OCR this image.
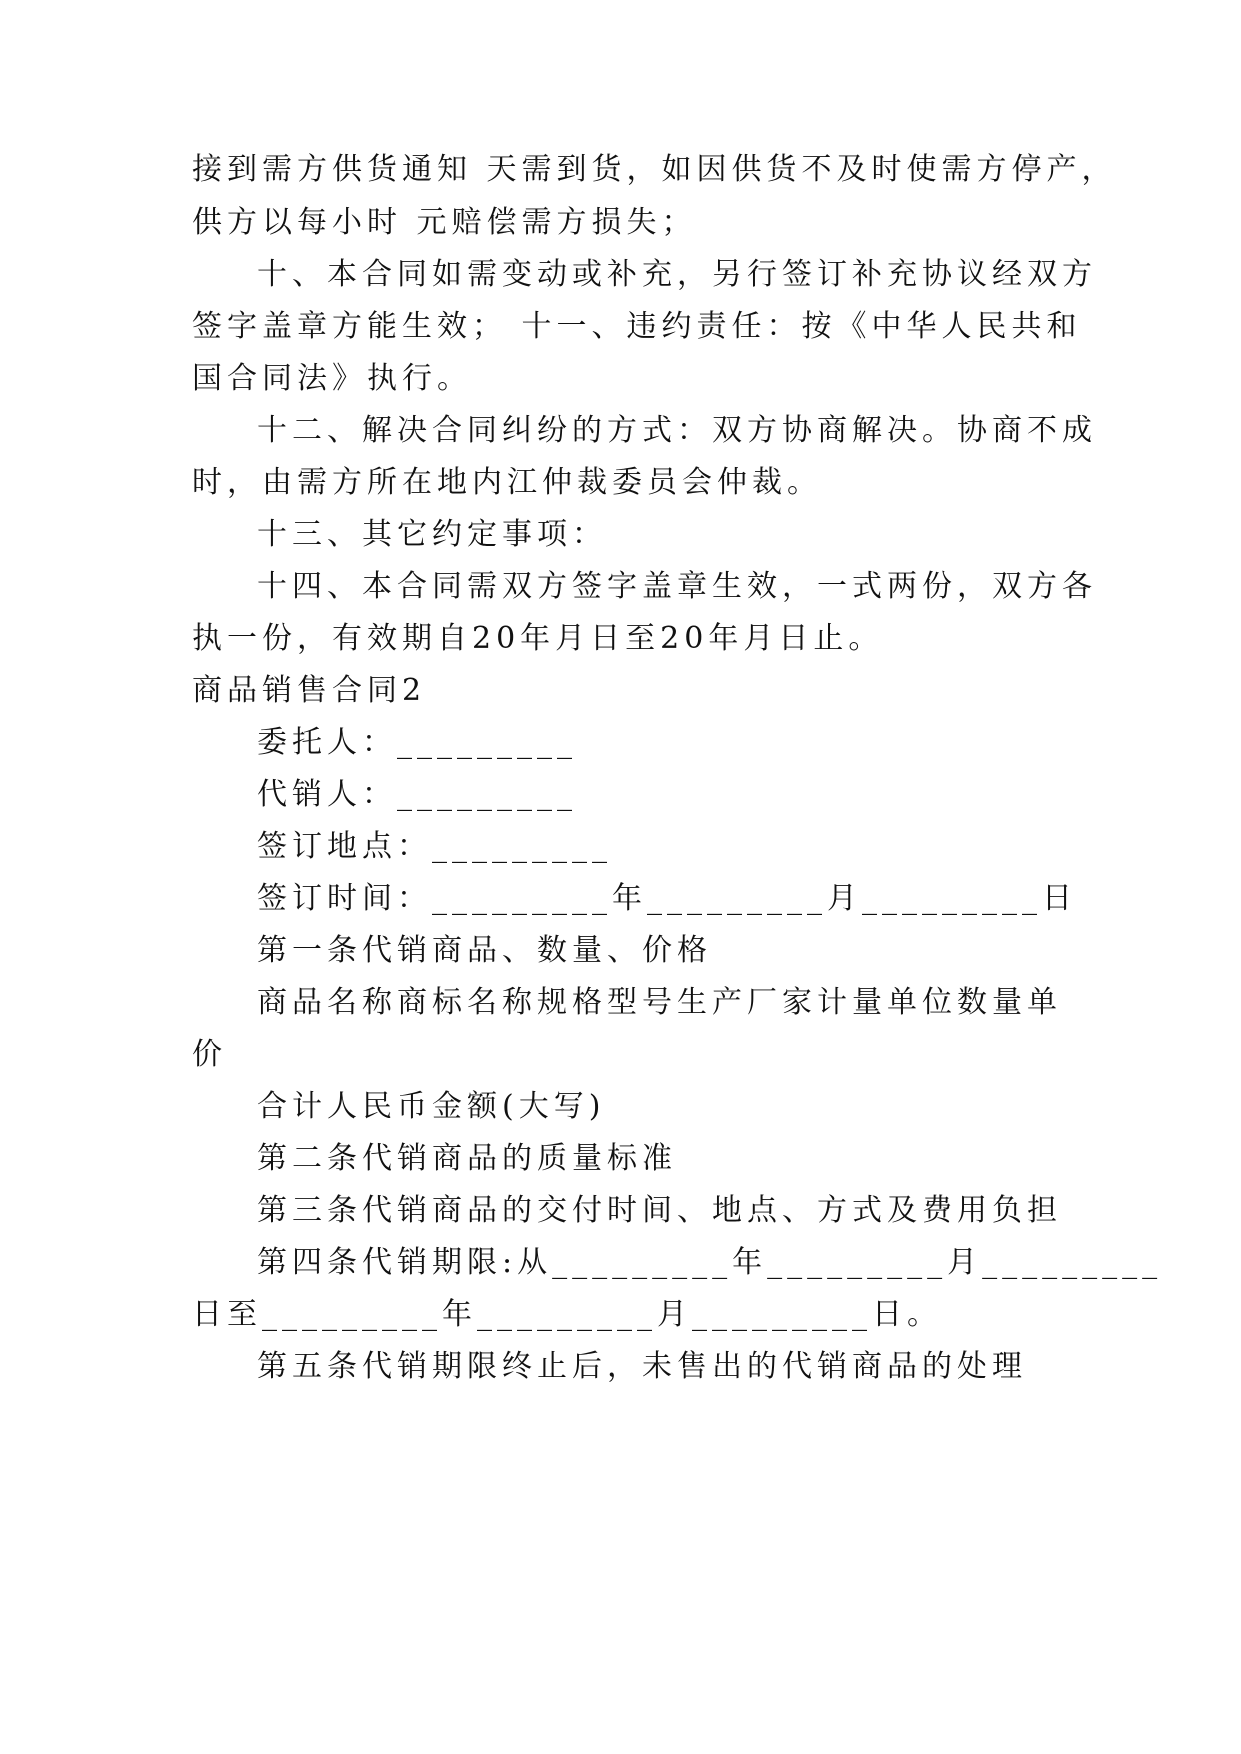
接到需方供货通知 天需到货，如因供货不及时使需方停产，
供方以每小时 元赔偿需方损失；
十、本合同如需变动或补充，另行签订补充协议经双方
签字盖章方能生效； 十一、违约责任：按《中华人民共和
国合同法》执行。
十二、解决合同纠纷的方式：双方协商解决。协商不成
时，由需方所在地内江仲裁委员会仲裁。
十三、其它约定事项：
十四、本合同需双方签字盖章生效，一式两份，双方各
执一份，有效期自20年月日至20年月日止。
商品销售合同2
委托人：_________
代销人：_________
签订地点：_________
签订时间：_________年_________月_________日
第一条代销商品、数量、价格
商品名称商标名称规格型号生产厂家计量单位数量单
价
合计人民币金额(大写)
第二条代销商品的质量标准
第三条代销商品的交付时间、地点、方式及费用负担
第四条代销期限:从_________年_________月_________
日至_________年_________月_________日。
第五条代销期限终止后，未售出的代销商品的处理
